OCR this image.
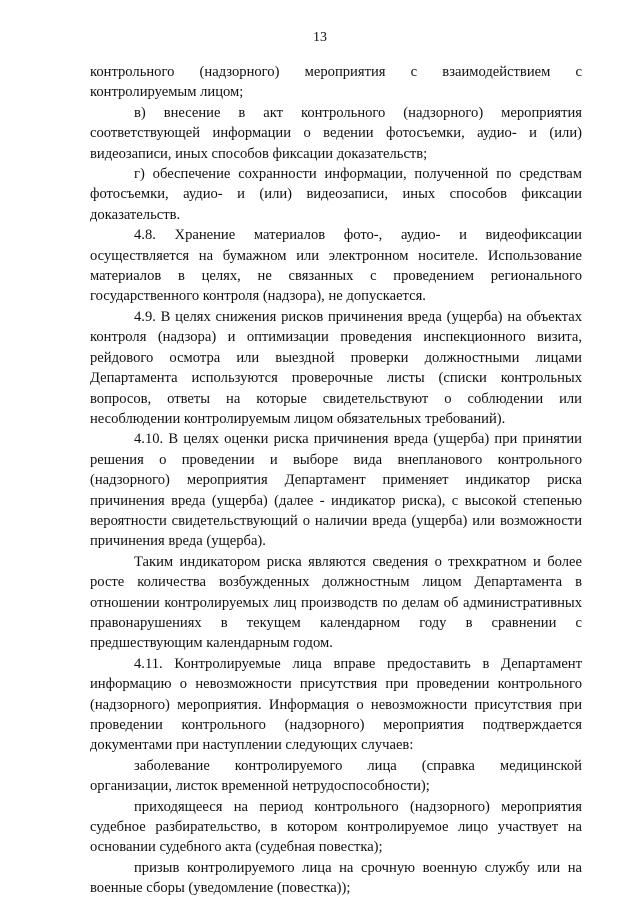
13

контрольного (надзорного) мероприятия с взаимодействием с контролируемым лицом;

в) внесение в акт контрольного (надзорного) мероприятия соответствующей информации о ведении фотосъемки, аудио- и (или) видеозаписи, иных способов фиксации доказательств;

г) обеспечение сохранности информации, полученной по средствам фотосъемки, аудио- и (или) видеозаписи, иных способов фиксации доказательств.

4.8. Хранение материалов фото-, аудио- и видеофиксации осуществляется на бумажном или электронном носителе. Использование материалов в целях, не связанных с проведением регионального государственного контроля (надзора), не допускается.

4.9. В целях снижения рисков причинения вреда (ущерба) на объектах контроля (надзора) и оптимизации проведения инспекционного визита, рейдового осмотра или выездной проверки должностными лицами Департамента используются проверочные листы (списки контрольных вопросов, ответы на которые свидетельствуют о соблюдении или несоблюдении контролируемым лицом обязательных требований).

4.10. В целях оценки риска причинения вреда (ущерба) при принятии решения о проведении и выборе вида внепланового контрольного (надзорного) мероприятия Департамент применяет индикатор риска причинения вреда (ущерба) (далее - индикатор риска), с высокой степенью вероятности свидетельствующий о наличии вреда (ущерба) или возможности причинения вреда (ущерба).

Таким индикатором риска являются сведения о трехкратном и более росте количества возбужденных должностным лицом Департамента в отношении контролируемых лиц производств по делам об административных правонарушениях в текущем календарном году в сравнении с предшествующим календарным годом.

4.11. Контролируемые лица вправе предоставить в Департамент информацию о невозможности присутствия при проведении контрольного (надзорного) мероприятия. Информация о невозможности присутствия при проведении контрольного (надзорного) мероприятия подтверждается документами при наступлении следующих случаев:

заболевание контролируемого лица (справка медицинской организации, листок временной нетрудоспособности);

приходящееся на период контрольного (надзорного) мероприятия судебное разбирательство, в котором контролируемое лицо участвует на основании судебного акта (судебная повестка);

призыв контролируемого лица на срочную военную службу или на военные сборы (уведомление (повестка));
